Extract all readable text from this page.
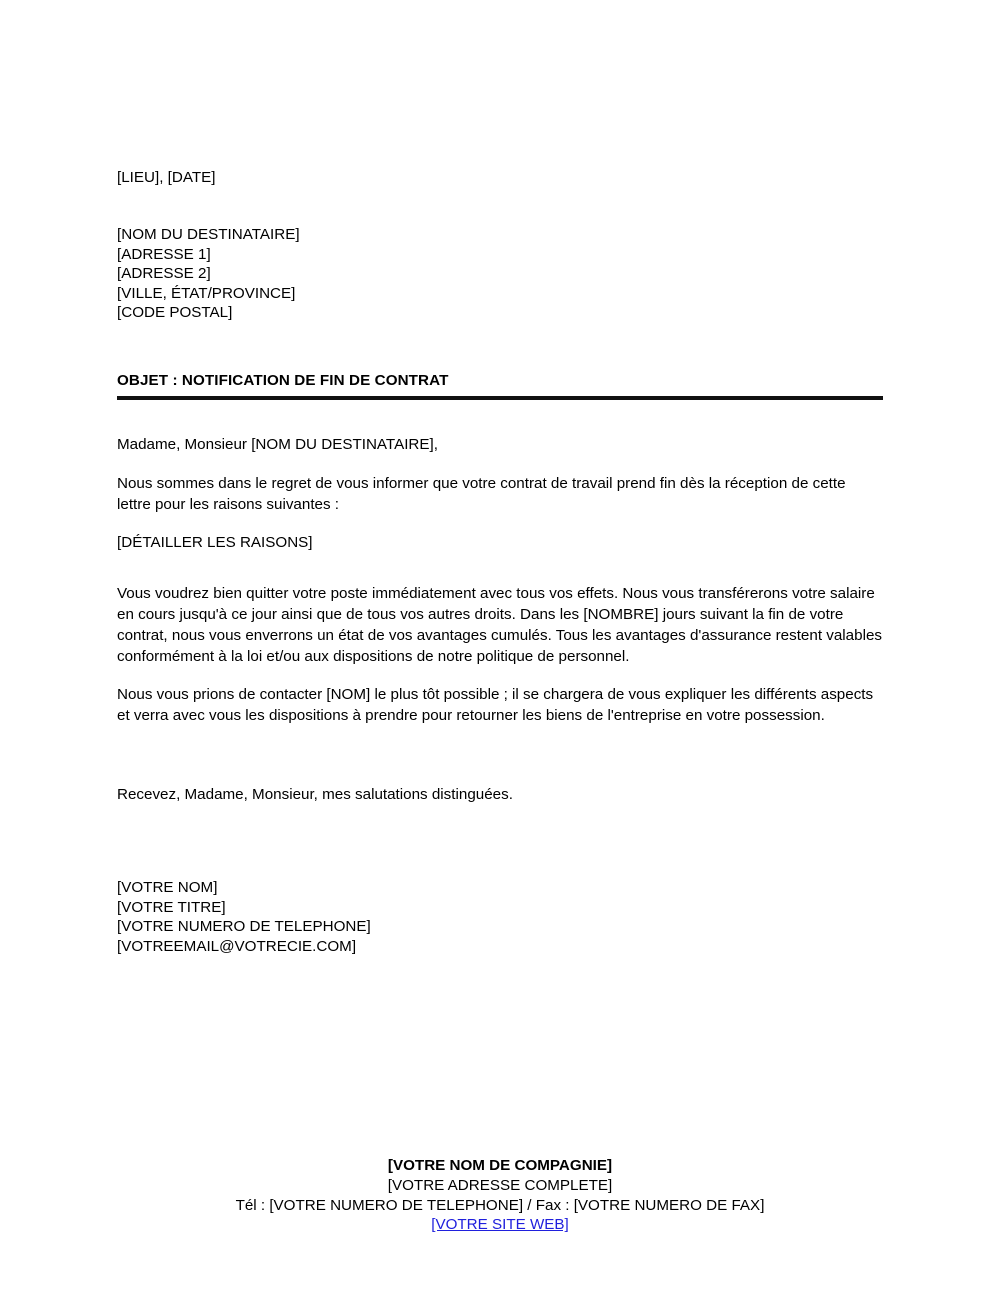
[LIEU], [DATE]
[NOM DU DESTINATAIRE]
[ADRESSE 1]
[ADRESSE 2]
[VILLE, ÉTAT/PROVINCE]
[CODE POSTAL]
OBJET : NOTIFICATION DE FIN DE CONTRAT

Madame, Monsieur [NOM DU DESTINATAIRE],

Nous sommes dans le regret de vous informer que votre contrat de travail prend fin dès la réception de cette lettre pour les raisons suivantes :

[DÉTAILLER LES RAISONS]

Vous voudrez bien quitter votre poste immédiatement avec tous vos effets. Nous vous transférerons votre salaire en cours jusqu'à ce jour ainsi que de tous vos autres droits. Dans les [NOMBRE] jours suivant la fin de votre contrat, nous vous enverrons un état de vos avantages cumulés. Tous les avantages d'assurance restent valables conformément à la loi et/ou aux dispositions de notre politique de personnel.

Nous vous prions de contacter [NOM] le plus tôt possible ; il se chargera de vous expliquer les différents aspects et verra avec vous les dispositions à prendre pour retourner les biens de l'entreprise en votre possession.

Recevez, Madame, Monsieur, mes salutations distinguées.
[VOTRE NOM]
[VOTRE TITRE]
[VOTRE NUMERO DE TELEPHONE]
[VOTREEMAIL@VOTRECIE.COM]
[VOTRE NOM DE COMPAGNIE]
[VOTRE ADRESSE COMPLETE]
Tél : [VOTRE NUMERO DE TELEPHONE] / Fax : [VOTRE NUMERO DE FAX]
[VOTRE SITE WEB]
